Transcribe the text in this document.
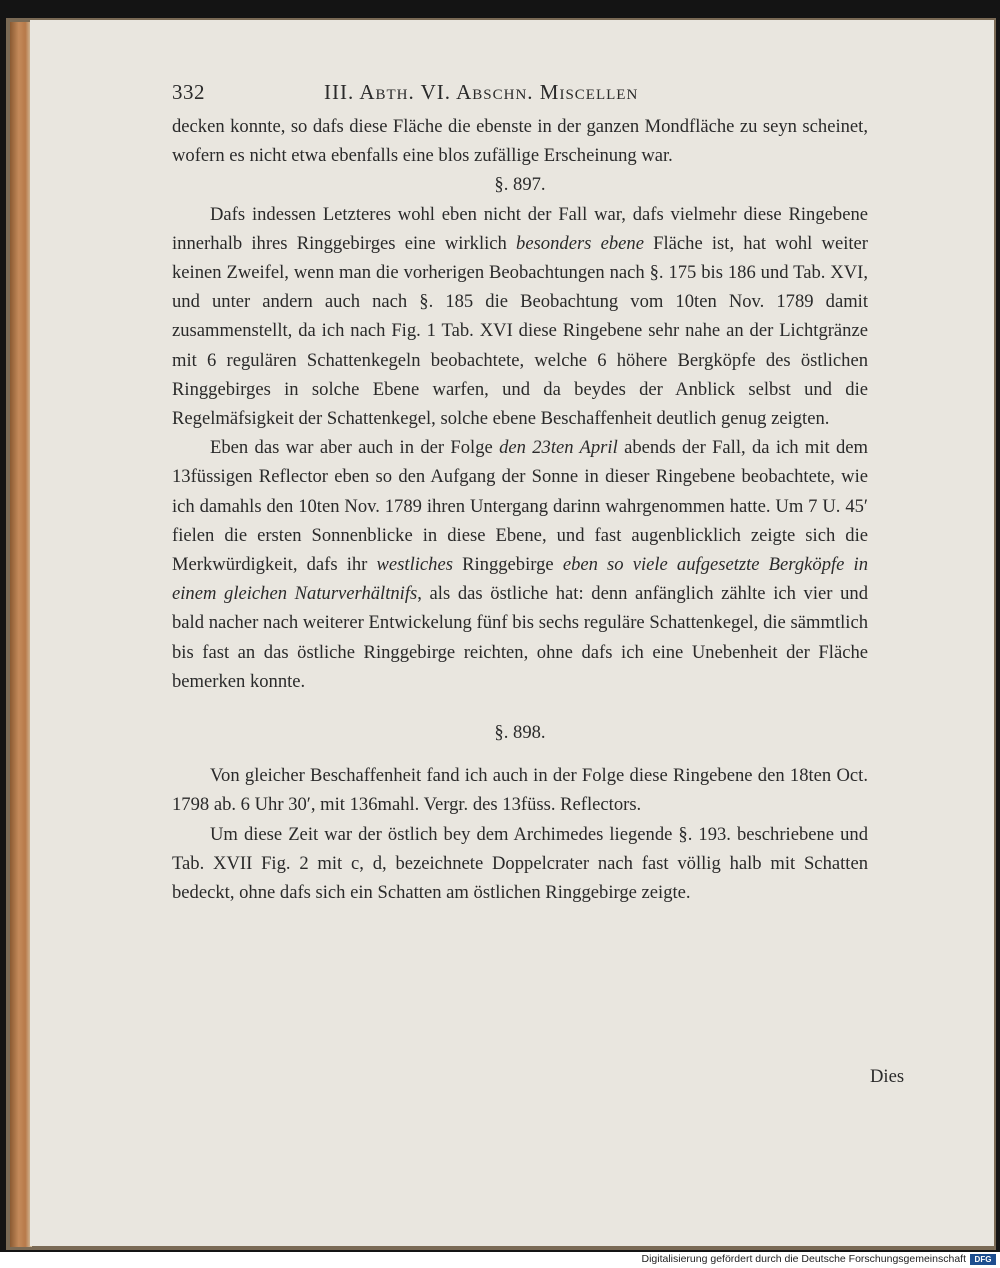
332	III. Abth. VI. Abschn. Miscellen

decken konnte, so dafs diese Fläche die ebenste in der ganzen Mondfläche zu seyn scheinet, wofern es nicht etwa ebenfalls eine blos zufällige Erscheinung war.

§. 897.

Dafs indessen Letzteres wohl eben nicht der Fall war, dafs vielmehr diese Ringebene innerhalb ihres Ringgebirges eine wirklich besonders ebene Fläche ist, hat wohl weiter keinen Zweifel, wenn man die vorherigen Beobachtungen nach §. 175 bis 186 und Tab. XVI, und unter andern auch nach §. 185 die Beobachtung vom 10ten Nov. 1789 damit zusammenstellt, da ich nach Fig. 1 Tab. XVI diese Ringebene sehr nahe an der Lichtgränze mit 6 regulären Schattenkegeln beobachtete, welche 6 höhere Bergköpfe des östlichen Ringgebirges in solche Ebene warfen, und da beydes der Anblick selbst und die Regelmäfsigkeit der Schattenkegel, solche ebene Beschaffenheit deutlich genug zeigten.

Eben das war aber auch in der Folge den 23ten April abends der Fall, da ich mit dem 13füssigen Reflector eben so den Aufgang der Sonne in dieser Ringebene beobachtete, wie ich damahls den 10ten Nov. 1789 ihren Untergang darinn wahrgenommen hatte. Um 7 U. 45′ fielen die ersten Sonnenblicke in diese Ebene, und fast augenblicklich zeigte sich die Merkwürdigkeit, dafs ihr westliches Ringgebirge eben so viele aufgesetzte Bergköpfe in einem gleichen Naturverhältnifs, als das östliche hat: denn anfänglich zählte ich vier und bald nacher nach weiterer Entwickelung fünf bis sechs reguläre Schattenkegel, die sämmtlich bis fast an das östliche Ringgebirge reichten, ohne dafs ich eine Unebenheit der Fläche bemerken konnte.

§. 898.

Von gleicher Beschaffenheit fand ich auch in der Folge diese Ringebene den 18ten Oct. 1798 ab. 6 Uhr 30′, mit 136mahl. Vergr. des 13füss. Reflectors.

Um diese Zeit war der östlich bey dem Archimedes liegende §. 193. beschriebene und Tab. XVII Fig. 2 mit c, d, bezeichnete Doppelcrater nach fast völlig halb mit Schatten bedeckt, ohne dafs sich ein Schatten am östlichen Ringgebirge zeigte.

Dies
Digitalisierung gefördert durch die Deutsche Forschungsgemeinschaft	DFG
